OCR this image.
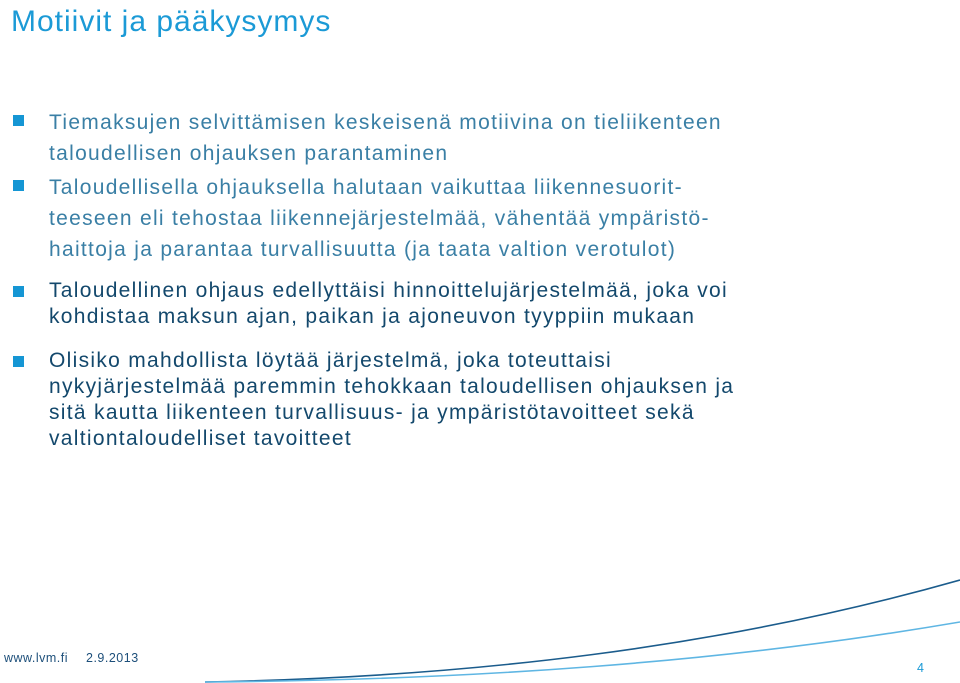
Motiivit ja pääkysymys

Tiemaksujen selvittämisen keskeisenä motiivina on tieliikenteen
taloudellisen ohjauksen parantaminen

Taloudellisella ohjauksella halutaan vaikuttaa liikennesuorit-
teeseen eli tehostaa liikennejärjestelmää, vähentää ympäristö-
haittoja ja parantaa turvallisuutta (ja taata valtion verotulot)

Taloudellinen ohjaus edellyttäisi hinnoittelujärjestelmää, joka voi
kohdistaa maksun ajan, paikan ja ajoneuvon tyyppiin mukaan

Olisiko mahdollista löytää järjestelmä, joka toteuttaisi
nykyjärjestelmää paremmin tehokkaan taloudellisen ohjauksen ja
sitä kautta liikenteen turvallisuus- ja ympäristötavoitteet sekä
valtiontaloudelliset tavoitteet

www.lvm.fi 2.9.2013
4
